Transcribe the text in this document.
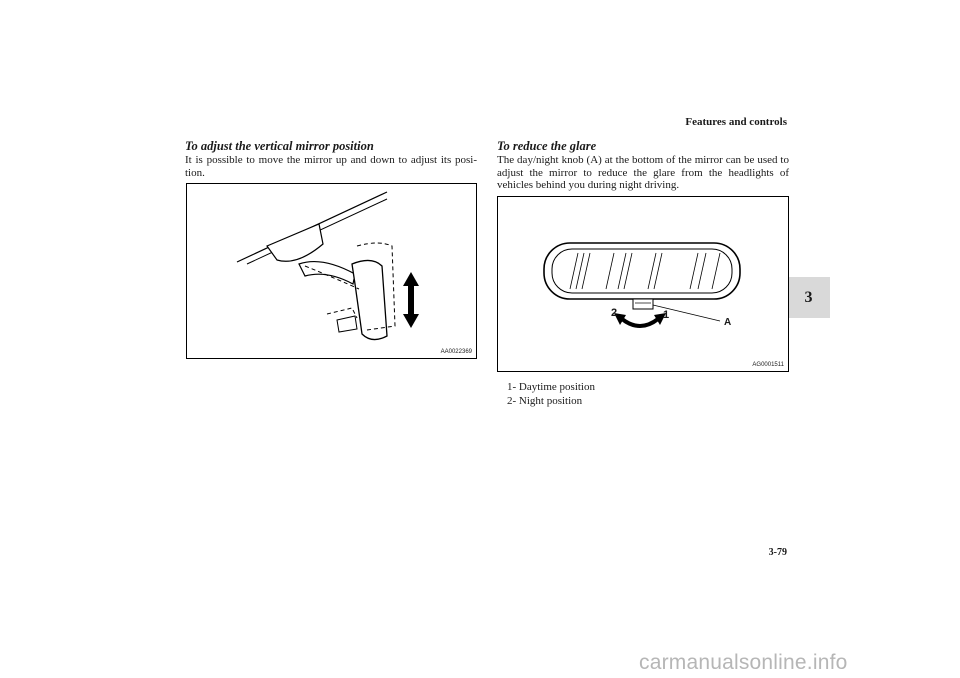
Features and controls
3
To adjust the vertical mirror position
It is possible to move the mirror up and down to adjust its posi-tion.
AA0022369
To reduce the glare
The day/night knob (A) at the bottom of the mirror can be used to adjust the mirror to reduce the glare from the headlights of vehicles behind you during night driving.
2	1
A
AG0001511
1- Daytime position
2- Night position
3-79
carmanualsonline.info
